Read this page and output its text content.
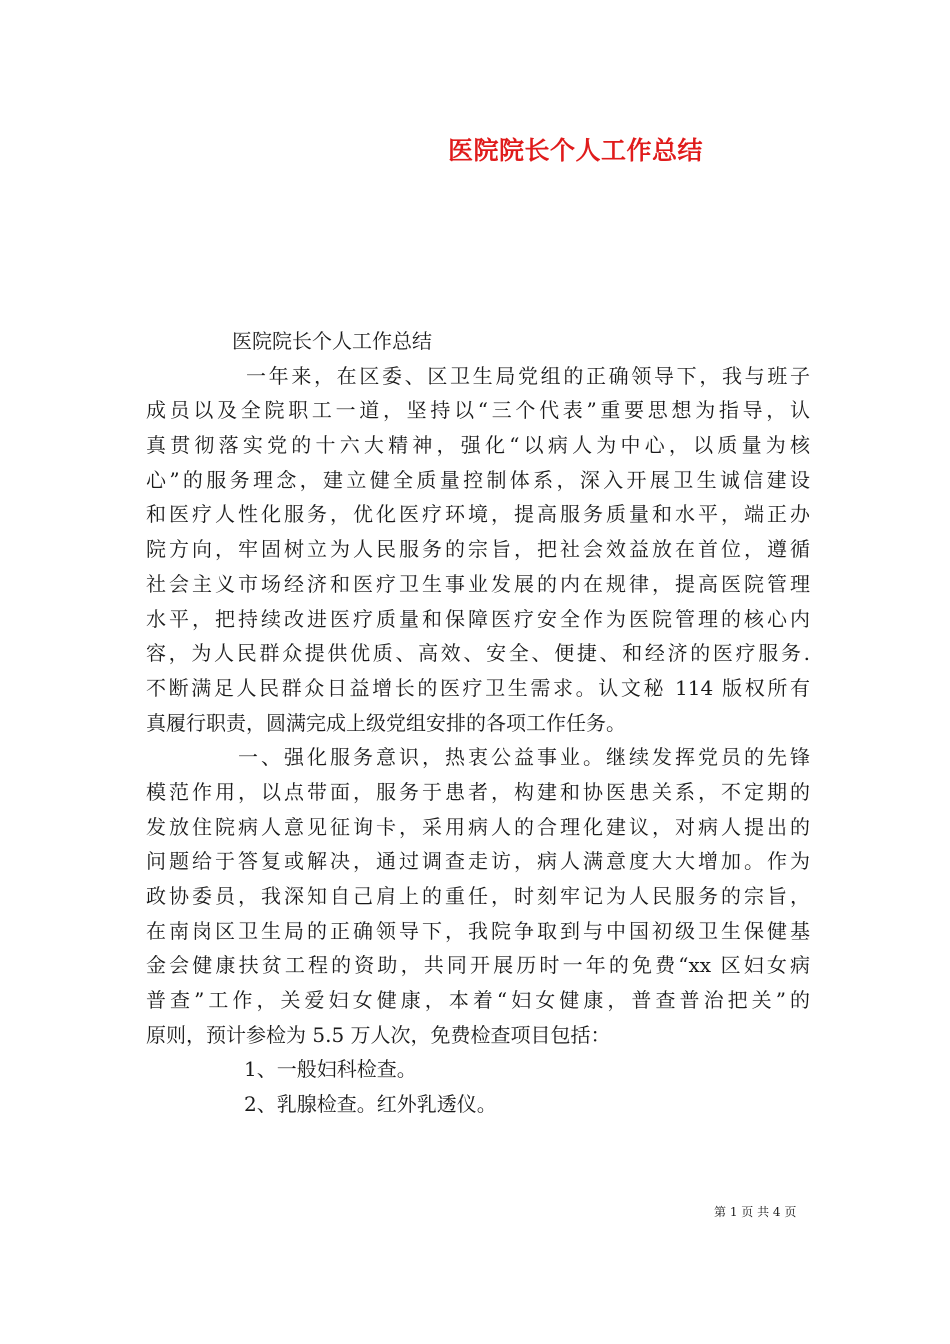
医院院长个人工作总结
医院院长个人工作总结
一年来，在区委、区卫生局党组的正确领导下，我与班子
成员以及全院职工一道，坚持以“三个代表”重要思想为指导，认
真贯彻落实党的十六大精神，强化“以病人为中心，以质量为核
心”的服务理念，建立健全质量控制体系，深入开展卫生诚信建设
和医疗人性化服务，优化医疗环境，提高服务质量和水平，端正办
院方向，牢固树立为人民服务的宗旨，把社会效益放在首位，遵循
社会主义市场经济和医疗卫生事业发展的内在规律，提高医院管理
水平，把持续改进医疗质量和保障医疗安全作为医院管理的核心内
容，为人民群众提供优质、高效、安全、便捷、和经济的医疗服务.
不断满足人民群众日益增长的医疗卫生需求。认文秘 114 版权所有
真履行职责，圆满完成上级党组安排的各项工作任务。
一、强化服务意识，热衷公益事业。继续发挥党员的先锋
模范作用，以点带面，服务于患者，构建和协医患关系，不定期的
发放住院病人意见征询卡，采用病人的合理化建议，对病人提出的
问题给于答复或解决，通过调查走访，病人满意度大大增加。作为
政协委员，我深知自己肩上的重任，时刻牢记为人民服务的宗旨，
在南岗区卫生局的正确领导下，我院争取到与中国初级卫生保健基
金会健康扶贫工程的资助，共同开展历时一年的免费“xx 区妇女病
普查”工作，关爱妇女健康，本着“妇女健康，普查普治把关”的
原则，预计参检为 5.5 万人次，免费检查项目包括：
1、一般妇科检查。
2、乳腺检查。红外乳透仪。
第 1 页 共 4 页
